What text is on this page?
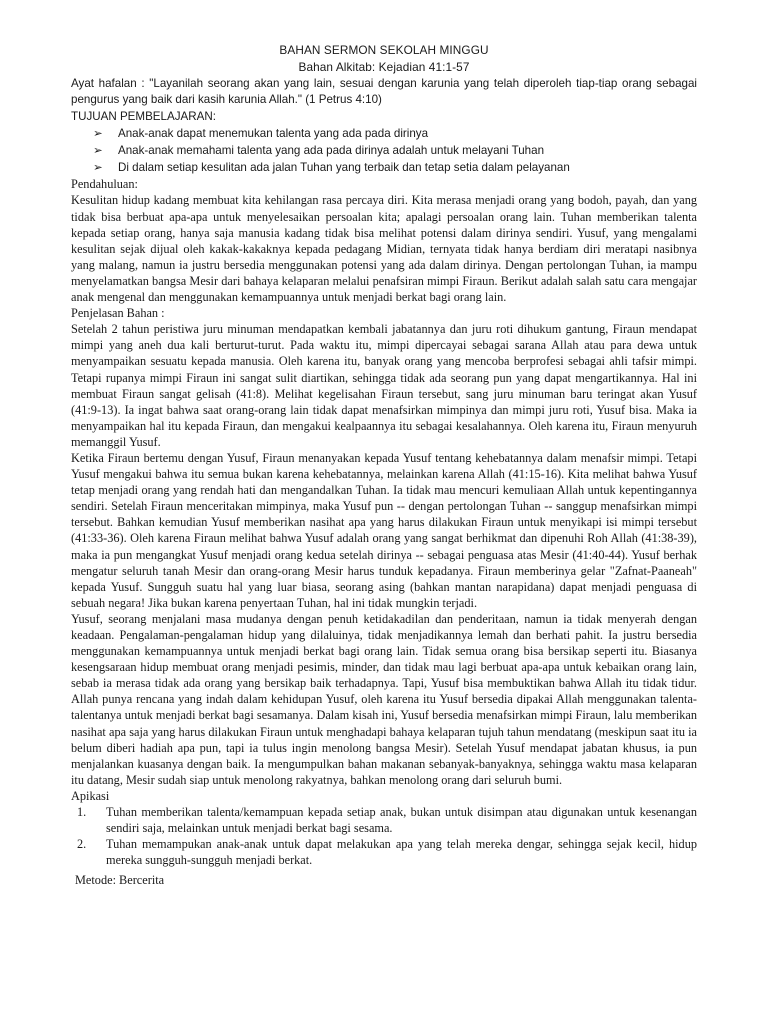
BAHAN SERMON SEKOLAH MINGGU

Bahan Alkitab: Kejadian 41:1-57

Ayat hafalan : "Layanilah seorang akan yang lain, sesuai dengan karunia yang telah diperoleh tiap-tiap orang sebagai pengurus yang baik dari kasih karunia Allah." (1 Petrus 4:10)

TUJUAN PEMBELAJARAN:

➢	Anak-anak dapat menemukan talenta yang ada pada dirinya
➢	Anak-anak memahami talenta yang ada pada dirinya adalah untuk melayani Tuhan
➢	Di dalam setiap kesulitan ada jalan Tuhan yang terbaik dan tetap setia dalam pelayanan

Pendahuluan:

Kesulitan hidup kadang membuat kita kehilangan rasa percaya diri. Kita merasa menjadi orang yang bodoh, payah, dan yang tidak bisa berbuat apa-apa untuk menyelesaikan persoalan kita; apalagi persoalan orang lain. Tuhan memberikan talenta kepada setiap orang, hanya saja manusia kadang tidak bisa melihat potensi dalam dirinya sendiri. Yusuf, yang mengalami kesulitan sejak dijual oleh kakak-kakaknya kepada pedagang Midian, ternyata tidak hanya berdiam diri meratapi nasibnya yang malang, namun ia justru bersedia menggunakan potensi yang ada dalam dirinya. Dengan pertolongan Tuhan, ia mampu menyelamatkan bangsa Mesir dari bahaya kelaparan melalui penafsiran mimpi Firaun. Berikut adalah salah satu cara mengajar anak mengenal dan menggunakan kemampuannya untuk menjadi berkat bagi orang lain.

Penjelasan Bahan :

Setelah 2 tahun peristiwa juru minuman mendapatkan kembali jabatannya dan juru roti dihukum gantung, Firaun mendapat mimpi yang aneh dua kali berturut-turut. Pada waktu itu, mimpi dipercayai sebagai sarana Allah atau para dewa untuk menyampaikan sesuatu kepada manusia. Oleh karena itu, banyak orang yang mencoba berprofesi sebagai ahli tafsir mimpi. Tetapi rupanya mimpi Firaun ini sangat sulit diartikan, sehingga tidak ada seorang pun yang dapat mengartikannya. Hal ini membuat Firaun sangat gelisah (41:8). Melihat kegelisahan Firaun tersebut, sang juru minuman baru teringat akan Yusuf (41:9-13). Ia ingat bahwa saat orang-orang lain tidak dapat menafsirkan mimpinya dan mimpi juru roti, Yusuf bisa. Maka ia menyampaikan hal itu kepada Firaun, dan mengakui kealpaannya itu sebagai kesalahannya. Oleh karena itu, Firaun menyuruh memanggil Yusuf.

Ketika Firaun bertemu dengan Yusuf, Firaun menanyakan kepada Yusuf tentang kehebatannya dalam menafsir mimpi. Tetapi Yusuf mengakui bahwa itu semua bukan karena kehebatannya, melainkan karena Allah (41:15-16). Kita melihat bahwa Yusuf tetap menjadi orang yang rendah hati dan mengandalkan Tuhan. Ia tidak mau mencuri kemuliaan Allah untuk kepentingannya sendiri. Setelah Firaun menceritakan mimpinya, maka Yusuf pun -- dengan pertolongan Tuhan -- sanggup menafsirkan mimpi tersebut. Bahkan kemudian Yusuf memberikan nasihat apa yang harus dilakukan Firaun untuk menyikapi isi mimpi tersebut (41:33-36). Oleh karena Firaun melihat bahwa Yusuf adalah orang yang sangat berhikmat dan dipenuhi Roh Allah (41:38-39), maka ia pun mengangkat Yusuf menjadi orang kedua setelah dirinya -- sebagai penguasa atas Mesir (41:40-44). Yusuf berhak mengatur seluruh tanah Mesir dan orang-orang Mesir harus tunduk kepadanya. Firaun memberinya gelar "Zafnat-Paaneah" kepada Yusuf. Sungguh suatu hal yang luar biasa, seorang asing (bahkan mantan narapidana) dapat menjadi penguasa di sebuah negara! Jika bukan karena penyertaan Tuhan, hal ini tidak mungkin terjadi.

Yusuf, seorang menjalani masa mudanya dengan penuh ketidakadilan dan penderitaan, namun ia tidak menyerah dengan keadaan. Pengalaman-pengalaman hidup yang dilaluinya, tidak menjadikannya lemah dan berhati pahit. Ia justru bersedia menggunakan kemampuannya untuk menjadi berkat bagi orang lain. Tidak semua orang bisa bersikap seperti itu. Biasanya kesengsaraan hidup membuat orang menjadi pesimis, minder, dan tidak mau lagi berbuat apa-apa untuk kebaikan orang lain, sebab ia merasa tidak ada orang yang bersikap baik terhadapnya. Tapi, Yusuf bisa membuktikan bahwa Allah itu tidak tidur. Allah punya rencana yang indah dalam kehidupan Yusuf, oleh karena itu Yusuf bersedia dipakai Allah menggunakan talenta-talentanya untuk menjadi berkat bagi sesamanya. Dalam kisah ini, Yusuf bersedia menafsirkan mimpi Firaun, lalu memberikan nasihat apa saja yang harus dilakukan Firaun untuk menghadapi bahaya kelaparan tujuh tahun mendatang (meskipun saat itu ia belum diberi hadiah apa pun, tapi ia tulus ingin menolong bangsa Mesir). Setelah Yusuf mendapat jabatan khusus, ia pun menjalankan kuasanya dengan baik. Ia mengumpulkan bahan makanan sebanyak-banyaknya, sehingga waktu masa kelaparan itu datang, Mesir sudah siap untuk menolong rakyatnya, bahkan menolong orang dari seluruh bumi.

Apikasi

1. Tuhan memberikan talenta/kemampuan kepada setiap anak, bukan untuk disimpan atau digunakan untuk kesenangan sendiri saja, melainkan untuk menjadi berkat bagi sesama.
2. Tuhan memampukan anak-anak untuk dapat melakukan apa yang telah mereka dengar, sehingga sejak kecil, hidup mereka sungguh-sungguh menjadi berkat.

Metode: Bercerita
